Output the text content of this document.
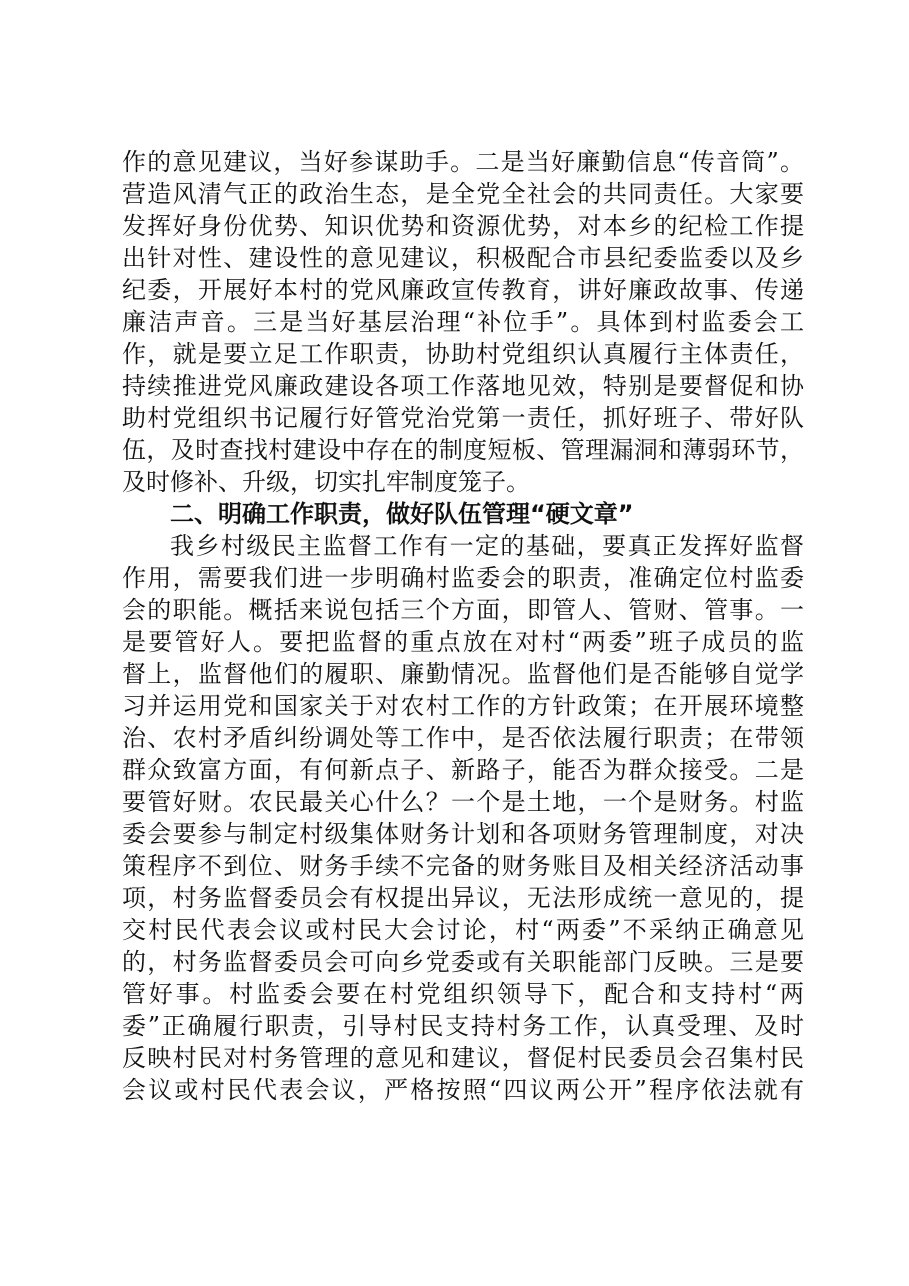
作的意见建议，当好参谋助手。二是当好廉勤信息“传音筒”。
营造风清气正的政治生态，是全党全社会的共同责任。大家要
发挥好身份优势、知识优势和资源优势，对本乡的纪检工作提
出针对性、建设性的意见建议，积极配合市县纪委监委以及乡
纪委，开展好本村的党风廉政宣传教育，讲好廉政故事、传递
廉洁声音。三是当好基层治理“补位手”。具体到村监委会工
作，就是要立足工作职责，协助村党组织认真履行主体责任，
持续推进党风廉政建设各项工作落地见效，特别是要督促和协
助村党组织书记履行好管党治党第一责任，抓好班子、带好队
伍，及时查找村建设中存在的制度短板、管理漏洞和薄弱环节，
及时修补、升级，切实扎牢制度笼子。
二、明确工作职责，做好队伍管理“硬文章”
我乡村级民主监督工作有一定的基础，要真正发挥好监督
作用，需要我们进一步明确村监委会的职责，准确定位村监委
会的职能。概括来说包括三个方面，即管人、管财、管事。一
是要管好人。要把监督的重点放在对村“两委”班子成员的监
督上，监督他们的履职、廉勤情况。监督他们是否能够自觉学
习并运用党和国家关于对农村工作的方针政策；在开展环境整
治、农村矛盾纠纷调处等工作中，是否依法履行职责；在带领
群众致富方面，有何新点子、新路子，能否为群众接受。二是
要管好财。农民最关心什么？一个是土地，一个是财务。村监
委会要参与制定村级集体财务计划和各项财务管理制度，对决
策程序不到位、财务手续不完备的财务账目及相关经济活动事
项，村务监督委员会有权提出异议，无法形成统一意见的，提
交村民代表会议或村民大会讨论，村“两委”不采纳正确意见
的，村务监督委员会可向乡党委或有关职能部门反映。三是要
管好事。村监委会要在村党组织领导下，配合和支持村“两
委”正确履行职责，引导村民支持村务工作，认真受理、及时
反映村民对村务管理的意见和建议，督促村民委员会召集村民
会议或村民代表会议，严格按照“四议两公开”程序依法就有
